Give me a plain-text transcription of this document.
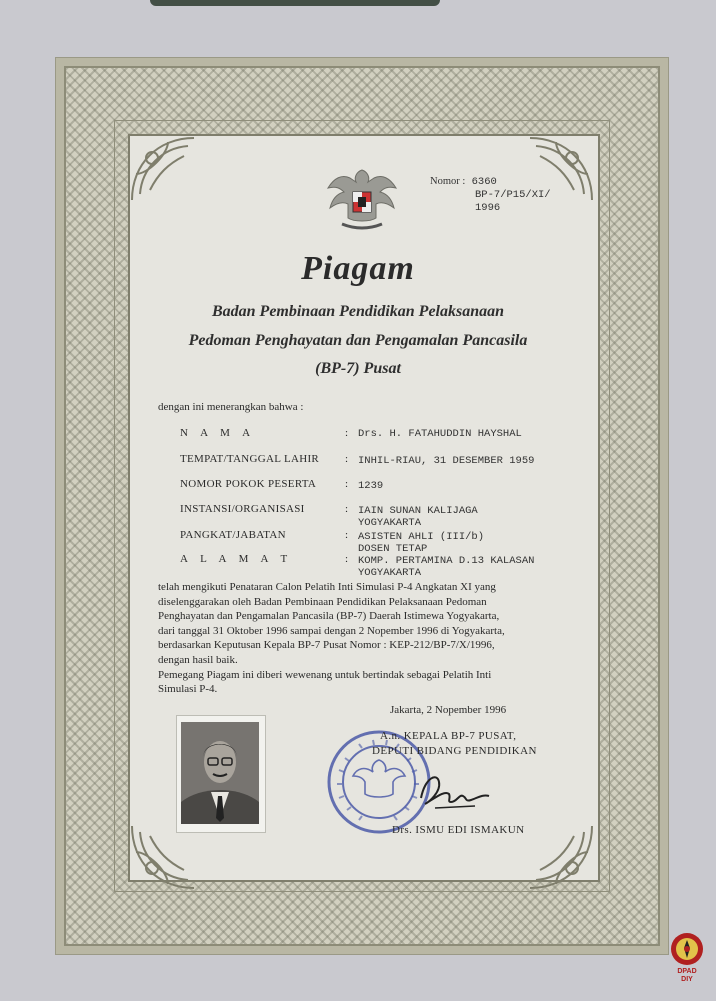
Nomor : 6360
BP-7/P15/XI/
1996
Piagam
Badan Pembinaan Pendidikan Pelaksanaan
Pedoman Penghayatan dan Pengamalan Pancasila
(BP-7) Pusat
dengan ini menerangkan bahwa :
N A M A	: Drs. H. FATAHUDDIN HAYSHAL
TEMPAT/TANGGAL LAHIR : INHIL-RIAU, 31 DESEMBER 1959
NOMOR POKOK PESERTA	: 1239
INSTANSI/ORGANISASI	: IAIN SUNAN KALIJAGA
YOGYAKARTA
PANGKAT/JABATAN	: ASISTEN AHLI (III/b)
DOSEN TETAP
A L A M A T	: KOMP. PERTAMINA D.13 KALASAN
YOGYAKARTA
telah mengikuti Penataran Calon Pelatih Inti Simulasi P-4 Angkatan XI yang
diselenggarakan oleh Badan Pembinaan Pendidikan Pelaksanaan Pedoman
Penghayatan dan Pengamalan Pancasila (BP-7) Daerah Istimewa Yogyakarta,
dari tanggal 31 Oktober 1996 sampai dengan 2 Nopember 1996 di Yogyakarta,
berdasarkan Keputusan Kepala BP-7 Pusat Nomor : KEP-212/BP-7/X/1996,
dengan hasil baik.
Pemegang Piagam ini diberi wewenang untuk bertindak sebagai Pelatih Inti
Simulasi P-4.
Jakarta, 2 Nopember 1996
A.n. KEPALA BP-7 PUSAT,
DEPUTI BIDANG PENDIDIKAN
Drs. ISMU EDI ISMAKUN
DPAD
DIY
